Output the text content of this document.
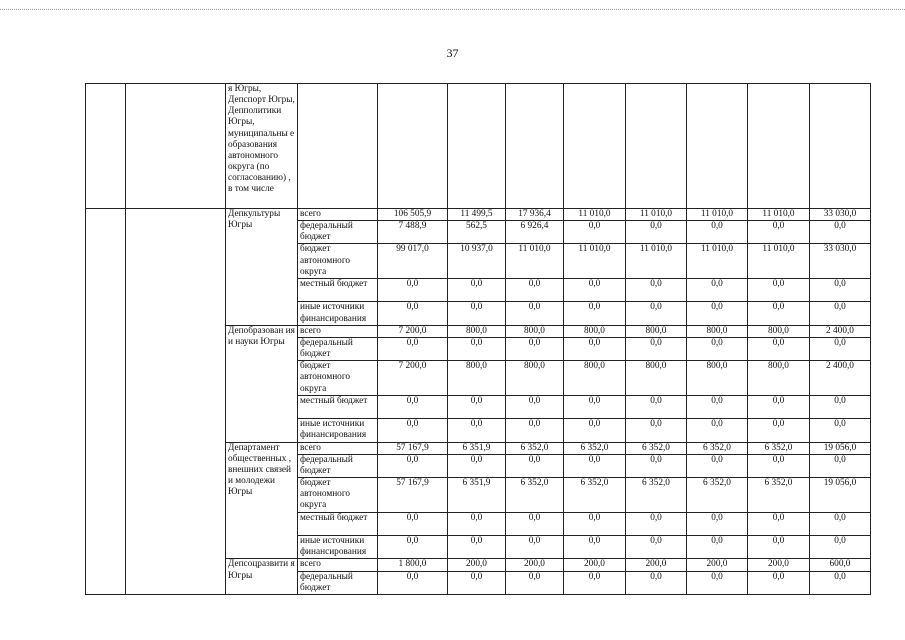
37
		я Югры, Депспорт Югры, Депполитики Югры, муниципальны е образования автономного округа (по согласованию) , в том числе									
		Депкультуры Югры	всего	106 505,9	11 499,5	17 936,4	11 010,0	11 010,0	11 010,0	11 010,0	33 030,0
			федеральный бюджет	7 488,9	562,5	6 926,4	0,0	0,0	0,0	0,0	0,0
			бюджет автономного округа	99 017,0	10 937,0	11 010,0	11 010,0	11 010,0	11 010,0	11 010,0	33 030,0
			местный бюджет	0,0	0,0	0,0	0,0	0,0	0,0	0,0	0,0
			иные источники финансирования	0,0	0,0	0,0	0,0	0,0	0,0	0,0	0,0
		Депобразован ия и науки Югры	всего	7 200,0	800,0	800,0	800,0	800,0	800,0	800,0	2 400,0
			федеральный бюджет	0,0	0,0	0,0	0,0	0,0	0,0	0,0	0,0
			бюджет автономного округа	7 200,0	800,0	800,0	800,0	800,0	800,0	800,0	2 400,0
			местный бюджет	0,0	0,0	0,0	0,0	0,0	0,0	0,0	0,0
			иные источники финансирования	0,0	0,0	0,0	0,0	0,0	0,0	0,0	0,0
		Департамент общественных , внешних связей и молодежи Югры	всего	57 167,9	6 351,9	6 352,0	6 352,0	6 352,0	6 352,0	6 352,0	19 056,0
			федеральный бюджет	0,0	0,0	0,0	0,0	0,0	0,0	0,0	0,0
			бюджет автономного округа	57 167,9	6 351,9	6 352,0	6 352,0	6 352,0	6 352,0	6 352,0	19 056,0
			местный бюджет	0,0	0,0	0,0	0,0	0,0	0,0	0,0	0,0
			иные источники финансирования	0,0	0,0	0,0	0,0	0,0	0,0	0,0	0,0
		Депсоцразвити я Югры	всего	1 800,0	200,0	200,0	200,0	200,0	200,0	200,0	600,0
			федеральный бюджет	0,0	0,0	0,0	0,0	0,0	0,0	0,0	0,0
